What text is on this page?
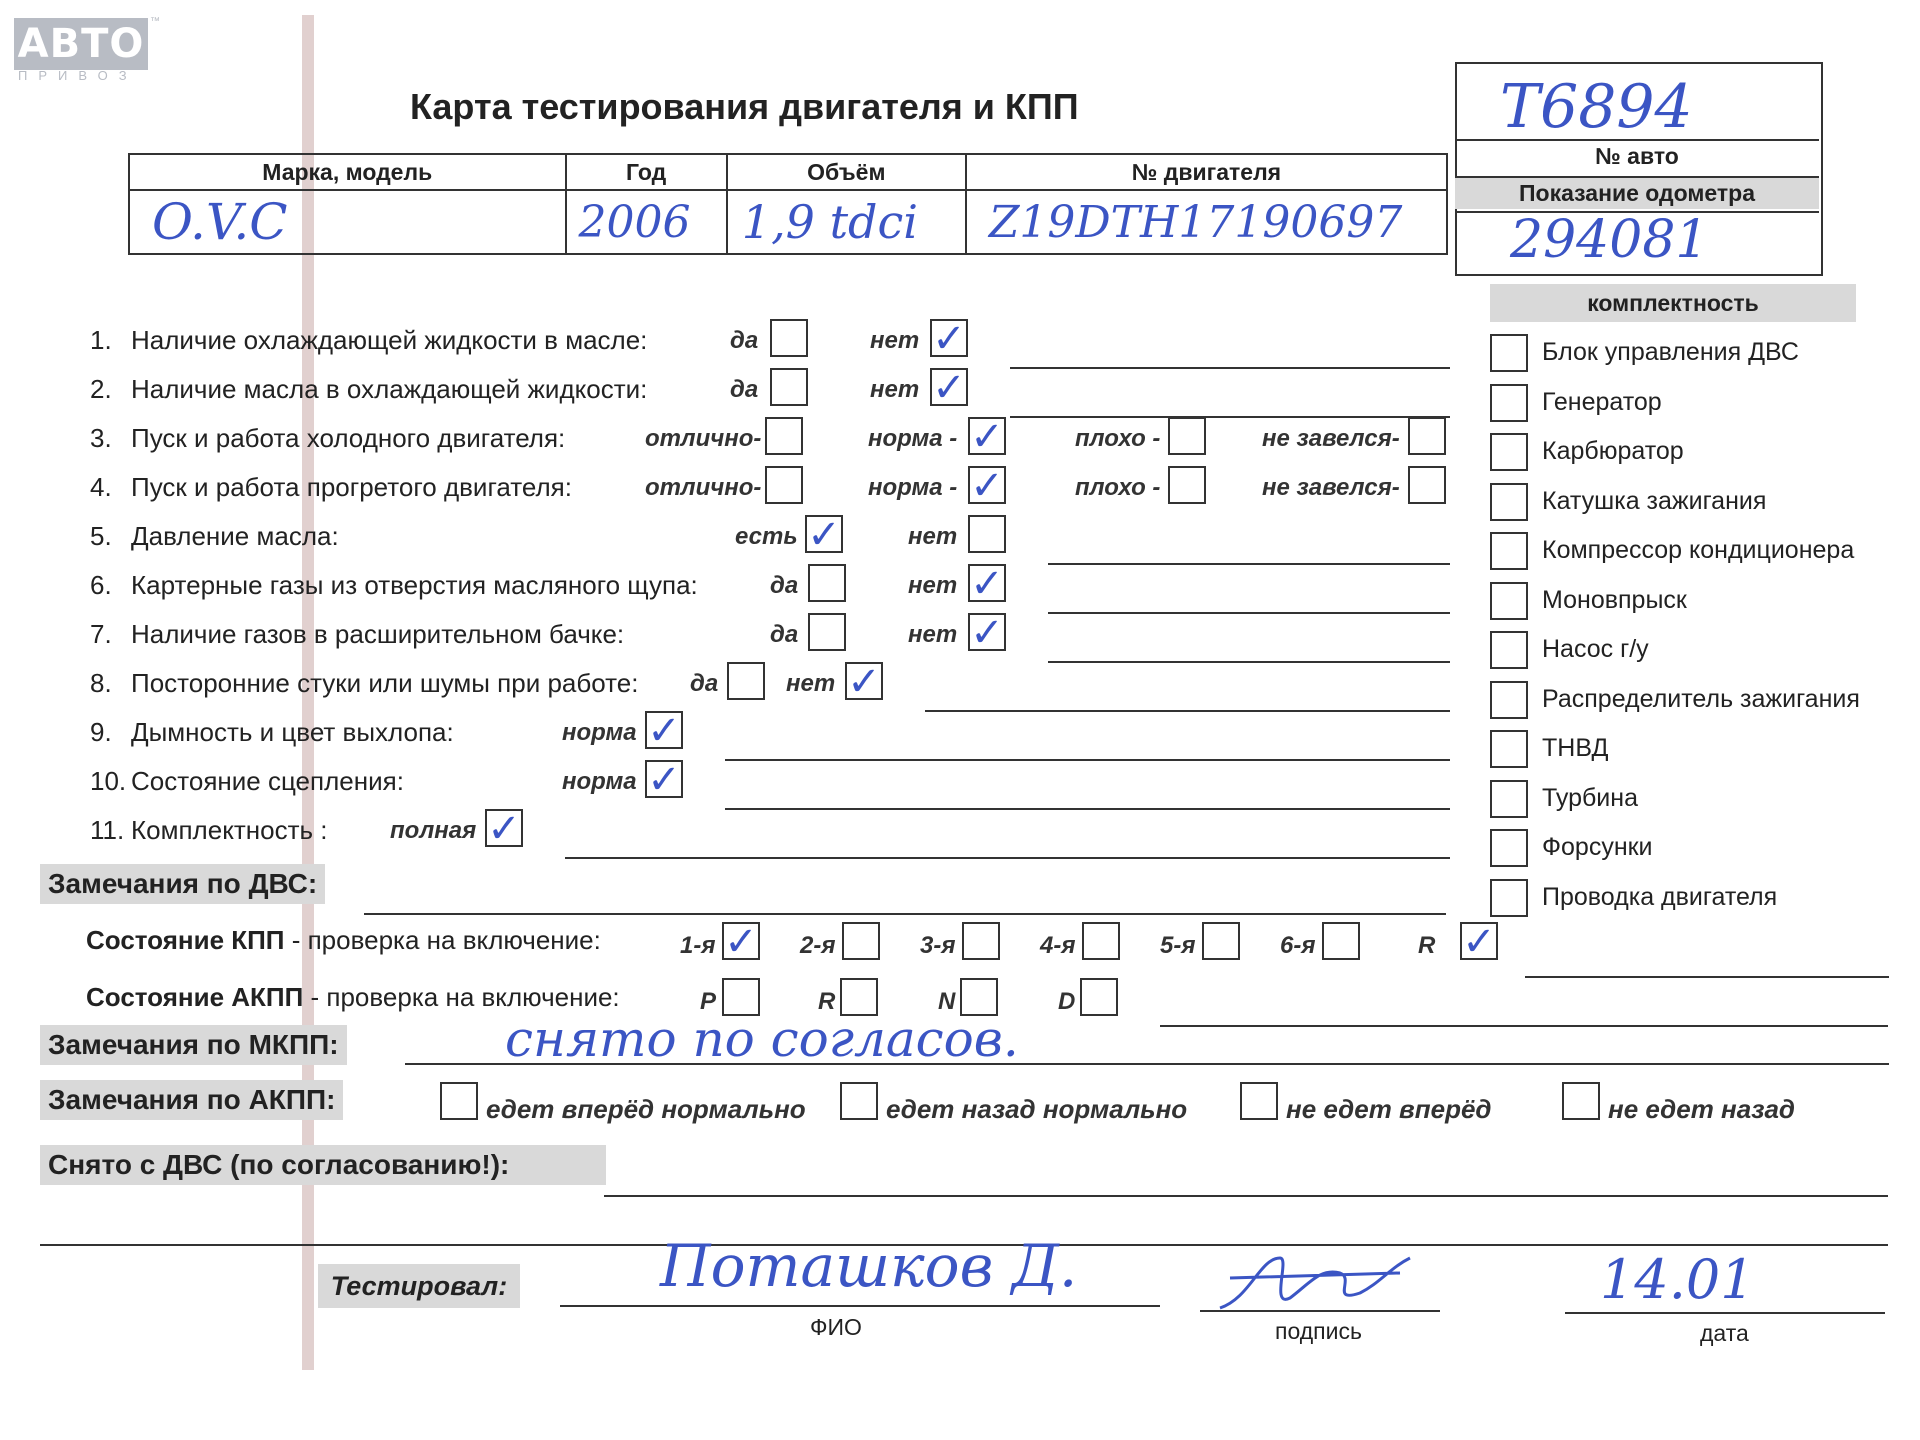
АВТО ™
ПРИВОЗ
Карта тестирования двигателя и КПП
Марка, модель	Год	Объём	№ двигателя
O.V.C	2006	1,9 tdci	Z19DTH17190697
T6894
№ авто
Показание одометра
294081
1. Наличие охлаждающей жидкости в масле:	да	нет ✓
2. Наличие масла в охлаждающей жидкости:	да	нет ✓
3. Пуск и работа холодного двигателя:	отлично-	норма - ✓	плохо -	не завелся-
4. Пуск и работа прогретого двигателя:	отлично-	норма - ✓	плохо -	не завелся-
5. Давление масла:	есть ✓	нет
6. Картерные газы из отверстия масляного щупа:	да	нет ✓
7. Наличие газов в расширительном бачке:	да	нет ✓
8. Посторонние стуки или шумы при работе: да	нет ✓
9. Дымность и цвет выхлопа:	норма ✓
10. Состояние сцепления:	норма ✓
11. Комплектность :	полная ✓
комплектность
Блок управления ДВС
Генератор
Карбюратор
Катушка зажигания
Компрессор кондиционера
Моновпрыск
Насос г/у
Распределитель зажигания
ТНВД
Турбина
Форсунки
Проводка двигателя
Замечания по ДВС:
Состояние КПП - проверка на включение:	1-я ✓ 2-я	3-я	4-я	5-я	6-я	R ✓
Состояние АКПП - проверка на включение:	P	R	N	D
Замечания по МКПП:	снято по согласов.
Замечания по АКПП:	едет вперёд нормально	едет назад нормально	не едет вперёд	не едет назад
Снято с ДВС (по согласованию!):
Тестировал:	Поташков Д.
ФИО	подпись
14.01
дата
